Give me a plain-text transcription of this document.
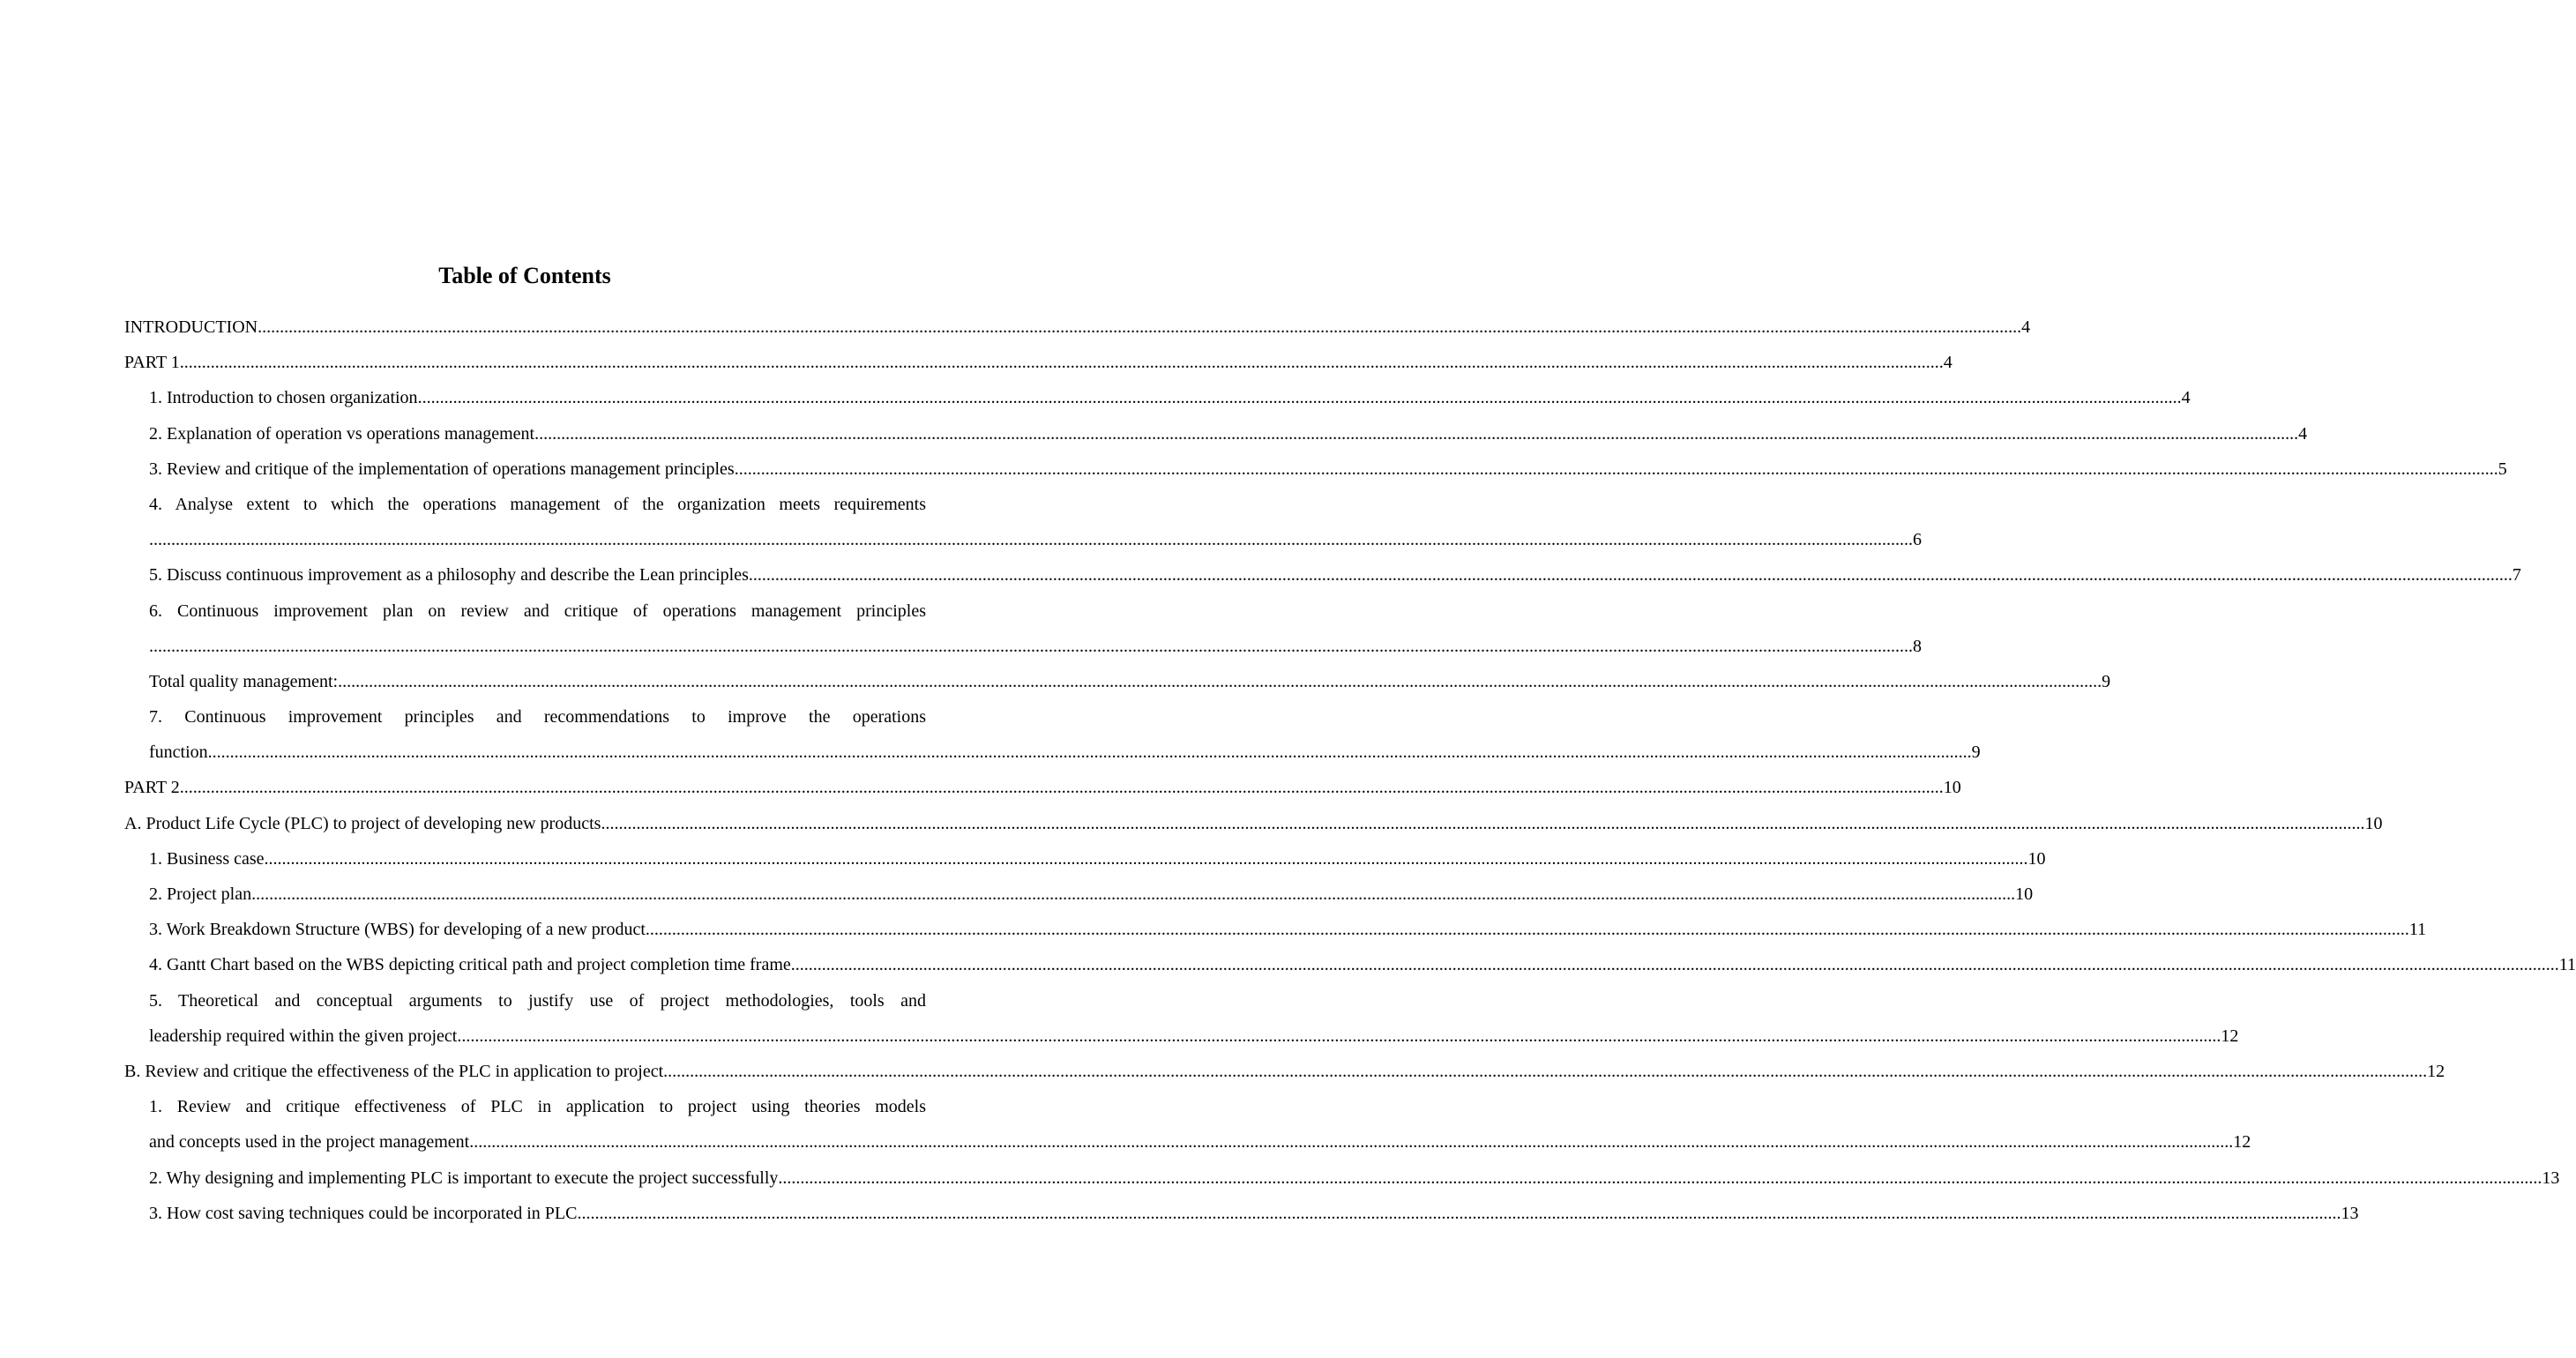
Table of Contents
INTRODUCTION ................................................................................................................................................................................................................................................................................................................................................................................................................ 4
PART 1 ................................................................................................................................................................................................................................................................................................................................................................................................................ 4
1. Introduction to chosen organization ................................................................................................................................................................................................................................................................................................................................................................................................................ 4
2. Explanation of operation vs operations management ................................................................................................................................................................................................................................................................................................................................................................................................................ 4
3. Review and critique of the implementation of operations management principles ................................................................................................................................................................................................................................................................................................................................................................................................................ 5
4. Analyse extent to which the operations management of the organization meets requirements
................................................................................................................................................................................................................................................................................................................................................................................................................ 6
5. Discuss continuous improvement as a philosophy and describe the Lean principles ................................................................................................................................................................................................................................................................................................................................................................................................................ 7
6. Continuous improvement plan on review and critique of operations management principles
................................................................................................................................................................................................................................................................................................................................................................................................................ 8
Total quality management: ................................................................................................................................................................................................................................................................................................................................................................................................................ 9
7. Continuous improvement principles and recommendations to improve the operations
function ................................................................................................................................................................................................................................................................................................................................................................................................................ 9
PART 2 ................................................................................................................................................................................................................................................................................................................................................................................................................ 10
A. Product Life Cycle (PLC) to project of developing new products ................................................................................................................................................................................................................................................................................................................................................................................................................ 10
1. Business case ................................................................................................................................................................................................................................................................................................................................................................................................................ 10
2. Project plan ................................................................................................................................................................................................................................................................................................................................................................................................................ 10
3. Work Breakdown Structure (WBS) for developing of a new product ................................................................................................................................................................................................................................................................................................................................................................................................................ 11
4. Gantt Chart based on the WBS depicting critical path and project completion time frame. ................................................................................................................................................................................................................................................................................................................................................................................................................ 11
5. Theoretical and conceptual arguments to justify use of project methodologies, tools and
leadership required within the given project ................................................................................................................................................................................................................................................................................................................................................................................................................ 12
B. Review and critique the effectiveness of the PLC in application to project ................................................................................................................................................................................................................................................................................................................................................................................................................ 12
1. Review and critique effectiveness of PLC in application to project using theories models
and concepts used in the project management ................................................................................................................................................................................................................................................................................................................................................................................................................ 12
2. Why designing and implementing PLC is important to execute the project successfully ................................................................................................................................................................................................................................................................................................................................................................................................................ 13
3. How cost saving techniques could be incorporated in PLC ................................................................................................................................................................................................................................................................................................................................................................................................................ 13
